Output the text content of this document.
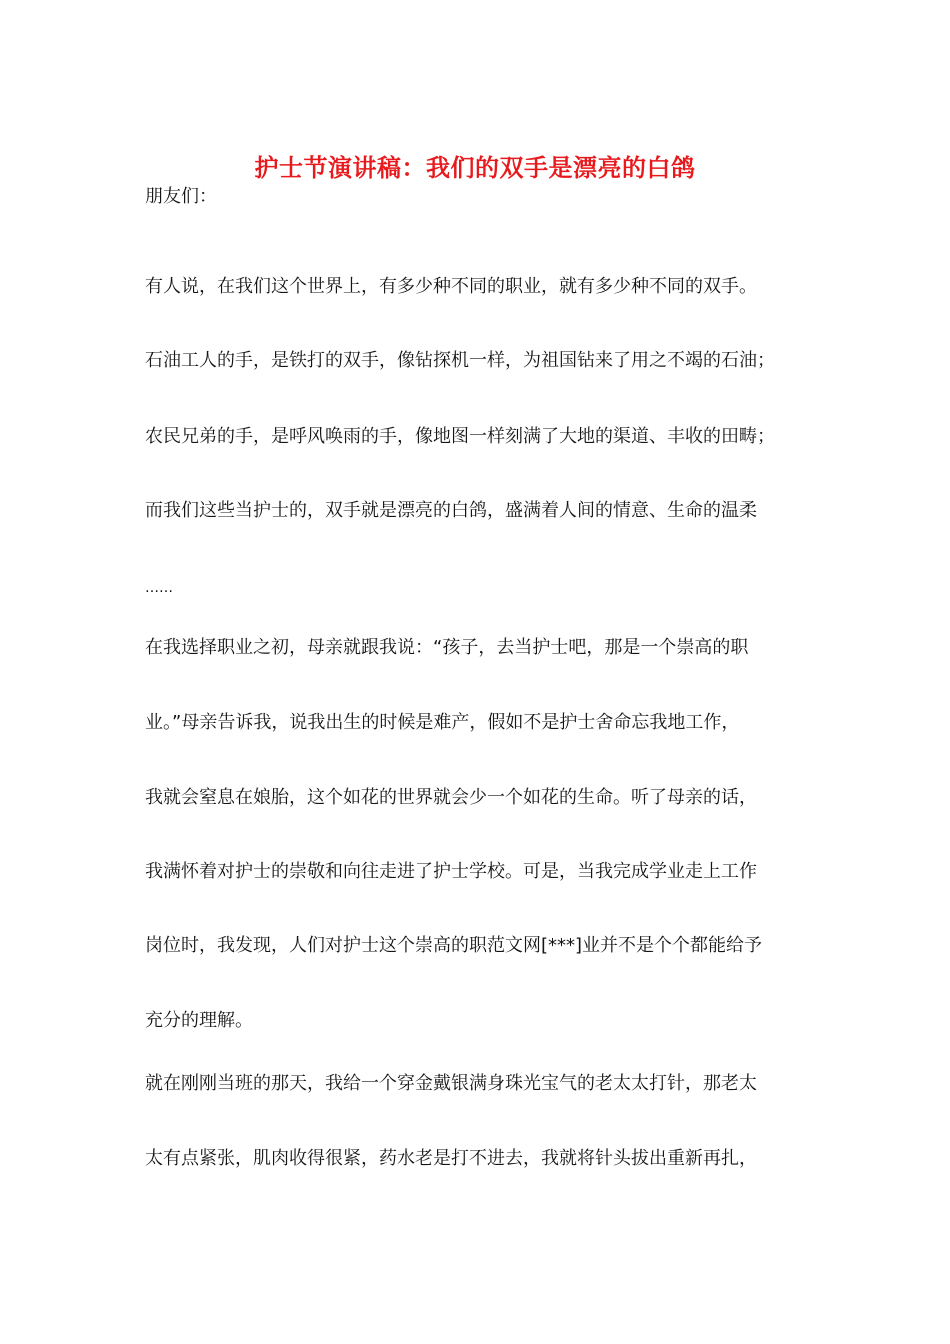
护士节演讲稿：我们的双手是漂亮的白鸽
朋友们：
有人说，在我们这个世界上，有多少种不同的职业，就有多少种不同的双手。
石油工人的手，是铁打的双手，像钻探机一样，为祖国钻来了用之不竭的石油；
农民兄弟的手，是呼风唤雨的手，像地图一样刻满了大地的渠道、丰收的田畴；
而我们这些当护士的，双手就是漂亮的白鸽，盛满着人间的情意、生命的温柔
……
在我选择职业之初，母亲就跟我说：“孩子，去当护士吧，那是一个崇高的职
业。”母亲告诉我，说我出生的时候是难产，假如不是护士舍命忘我地工作，
我就会窒息在娘胎，这个如花的世界就会少一个如花的生命。听了母亲的话，
我满怀着对护士的崇敬和向往走进了护士学校。可是，当我完成学业走上工作
岗位时，我发现，人们对护士这个崇高的职范文网[***]业并不是个个都能给予
充分的理解。
就在刚刚当班的那天，我给一个穿金戴银满身珠光宝气的老太太打针，那老太
太有点紧张，肌肉收得很紧，药水老是打不进去，我就将针头拔出重新再扎，
